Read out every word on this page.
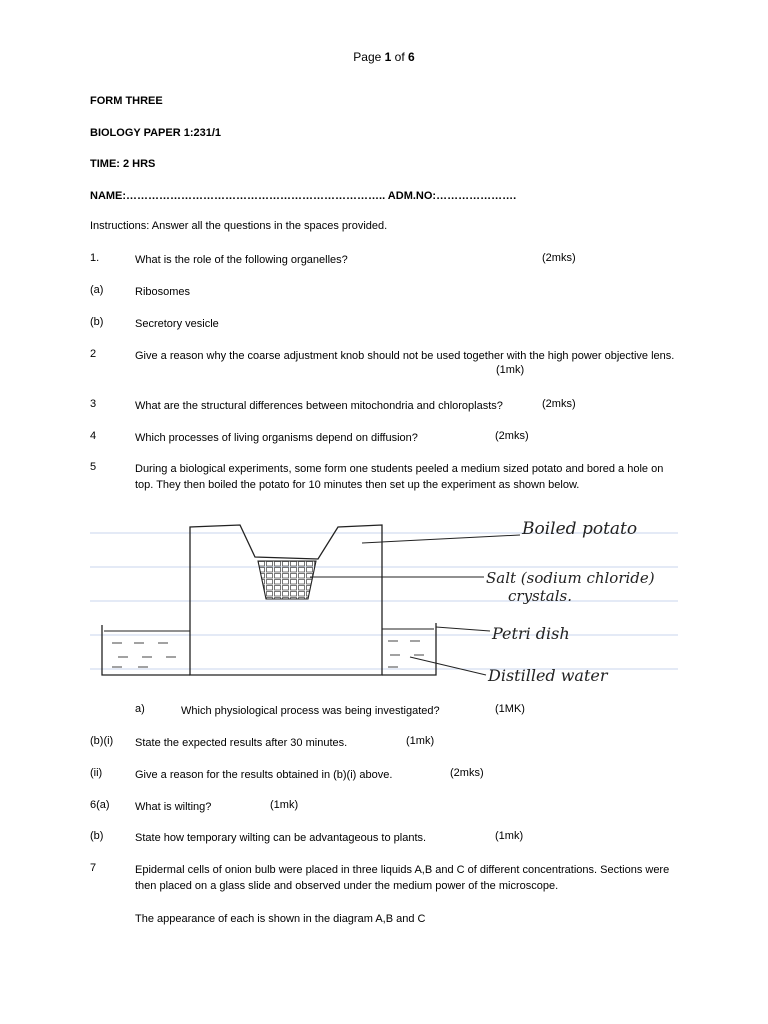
Page 1 of 6
FORM THREE
BIOLOGY PAPER 1:231/1
TIME: 2 HRS
NAME:…………………………………………………………….. ADM.NO:………………….
Instructions: Answer all the questions in the spaces provided.
1.	What is the role of the following organelles?	(2mks)
(a)	Ribosomes
(b)	Secretory vesicle
2	Give a reason why the coarse adjustment knob should not be used together with the high power objective lens.
(1mk)
3	What are the structural differences between mitochondria and chloroplasts?	(2mks)
4	Which processes of living organisms depend on diffusion?	(2mks)
5	During a biological experiments, some form one students peeled a medium sized potato and bored a hole on top. They then boiled the potato for 10 minutes then set up the experiment as shown below.
Boiled potato
Salt (sodium chloride)
crystals.
Petri dish
Distilled water
a)	Which physiological process was being investigated?	(1MK)
(b)(i) State the expected results after 30 minutes.	(1mk)
(ii)	Give a reason for the results obtained in (b)(i) above.	(2mks)
6(a) What is wilting?	(1mk)
(b)	State how temporary wilting can be advantageous to plants.	(1mk)
7	Epidermal cells of onion bulb were placed in three liquids A,B and C of different concentrations. Sections were then placed on a glass slide and observed under the medium power of the microscope.
The appearance of each is shown in the diagram A,B and C
